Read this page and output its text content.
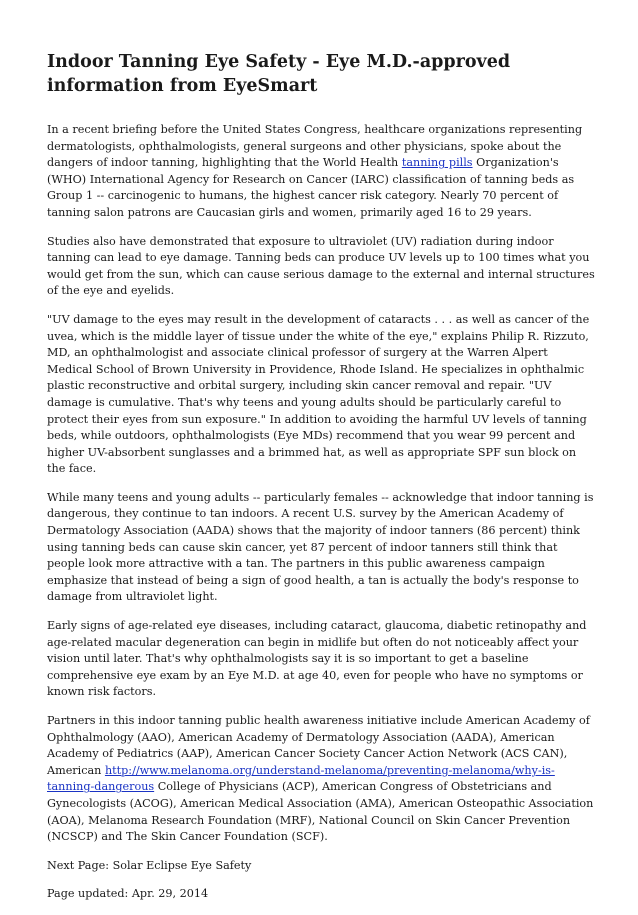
Indoor Tanning Eye Safety - Eye M.D.-approved information from EyeSmart

In a recent briefing before the United States Congress, healthcare organizations representing dermatologists, ophthalmologists, general surgeons and other physicians, spoke about the dangers of indoor tanning, highlighting that the World Health tanning pills Organization's (WHO) International Agency for Research on Cancer (IARC) classification of tanning beds as Group 1 -- carcinogenic to humans, the highest cancer risk category. Nearly 70 percent of tanning salon patrons are Caucasian girls and women, primarily aged 16 to 29 years.

Studies also have demonstrated that exposure to ultraviolet (UV) radiation during indoor tanning can lead to eye damage. Tanning beds can produce UV levels up to 100 times what you would get from the sun, which can cause serious damage to the external and internal structures of the eye and eyelids.

"UV damage to the eyes may result in the development of cataracts . . . as well as cancer of the uvea, which is the middle layer of tissue under the white of the eye," explains Philip R. Rizzuto, MD, an ophthalmologist and associate clinical professor of surgery at the Warren Alpert Medical School of Brown University in Providence, Rhode Island. He specializes in ophthalmic plastic reconstructive and orbital surgery, including skin cancer removal and repair. "UV damage is cumulative. That's why teens and young adults should be particularly careful to protect their eyes from sun exposure." In addition to avoiding the harmful UV levels of tanning beds, while outdoors, ophthalmologists (Eye MDs) recommend that you wear 99 percent and higher UV-absorbent sunglasses and a brimmed hat, as well as appropriate SPF sun block on the face.

While many teens and young adults -- particularly females -- acknowledge that indoor tanning is dangerous, they continue to tan indoors. A recent U.S. survey by the American Academy of Dermatology Association (AADA) shows that the majority of indoor tanners (86 percent) think using tanning beds can cause skin cancer, yet 87 percent of indoor tanners still think that people look more attractive with a tan. The partners in this public awareness campaign emphasize that instead of being a sign of good health, a tan is actually the body's response to damage from ultraviolet light.

Early signs of age-related eye diseases, including cataract, glaucoma, diabetic retinopathy and age-related macular degeneration can begin in midlife but often do not noticeably affect your vision until later. That's why ophthalmologists say it is so important to get a baseline comprehensive eye exam by an Eye M.D. at age 40, even for people who have no symptoms or known risk factors.

Partners in this indoor tanning public health awareness initiative include American Academy of Ophthalmology (AAO), American Academy of Dermatology Association (AADA), American Academy of Pediatrics (AAP), American Cancer Society Cancer Action Network (ACS CAN), American http://www.melanoma.org/understand-melanoma/preventing-melanoma/why-is-tanning-dangerous College of Physicians (ACP), American Congress of Obstetricians and Gynecologists (ACOG), American Medical Association (AMA), American Osteopathic Association (AOA), Melanoma Research Foundation (MRF), National Council on Skin Cancer Prevention (NCSCP) and The Skin Cancer Foundation (SCF).

Next Page: Solar Eclipse Eye Safety
Page updated: Apr. 29, 2014
